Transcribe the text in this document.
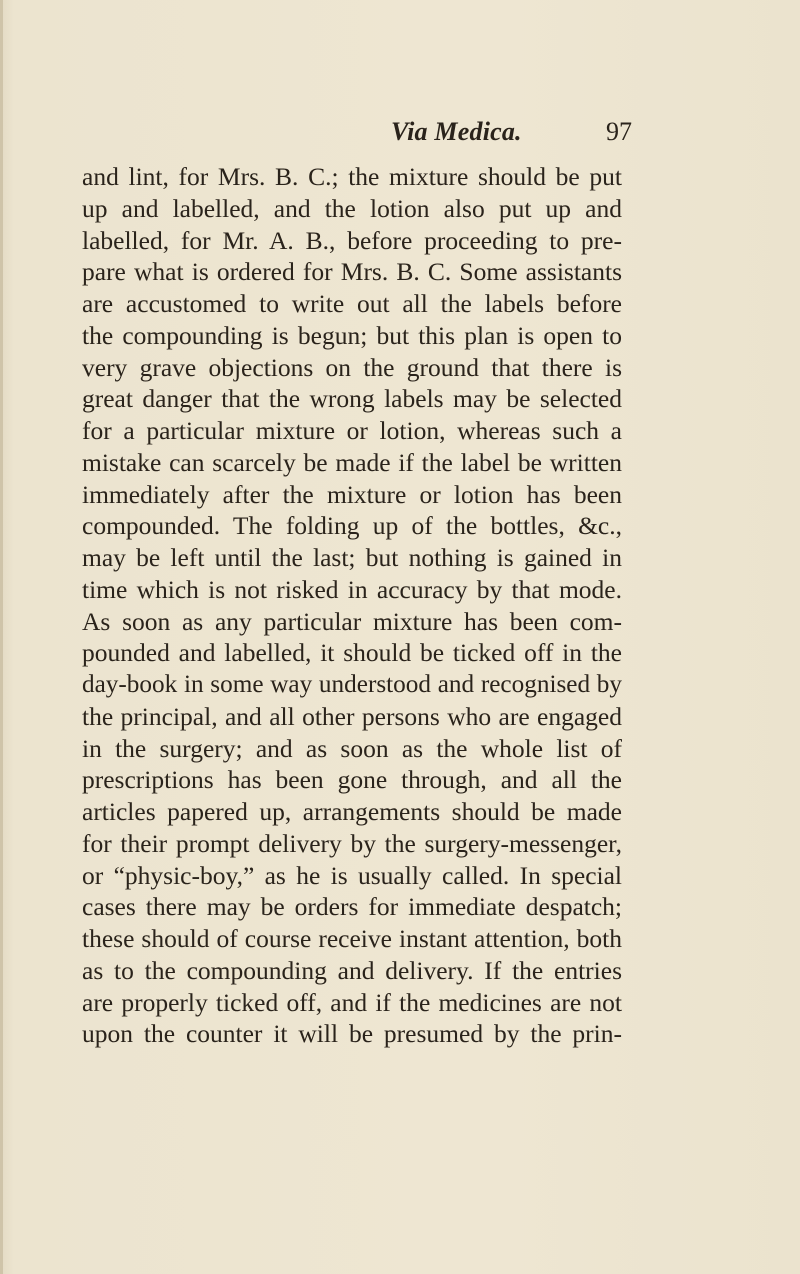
Via Medica.	97
and lint, for Mrs. B. C.; the mixture should be put
up and labelled, and the lotion also put up and
labelled, for Mr. A. B., before proceeding to pre-
pare what is ordered for Mrs. B. C. Some assistants
are accustomed to write out all the labels before
the compounding is begun; but this plan is open to
very grave objections on the ground that there is
great danger that the wrong labels may be selected
for a particular mixture or lotion, whereas such a
mistake can scarcely be made if the label be written
immediately after the mixture or lotion has been
compounded. The folding up of the bottles, &c.,
may be left until the last; but nothing is gained in
time which is not risked in accuracy by that mode.
As soon as any particular mixture has been com-
pounded and labelled, it should be ticked off in the
day-book in some way understood and recognised by
the principal, and all other persons who are engaged
in the surgery; and as soon as the whole list of
prescriptions has been gone through, and all the
articles papered up, arrangements should be made
for their prompt delivery by the surgery-messenger,
or “physic-boy,” as he is usually called. In special
cases there may be orders for immediate despatch;
these should of course receive instant attention, both
as to the compounding and delivery. If the entries
are properly ticked off, and if the medicines are not
upon the counter it will be presumed by the prin-
